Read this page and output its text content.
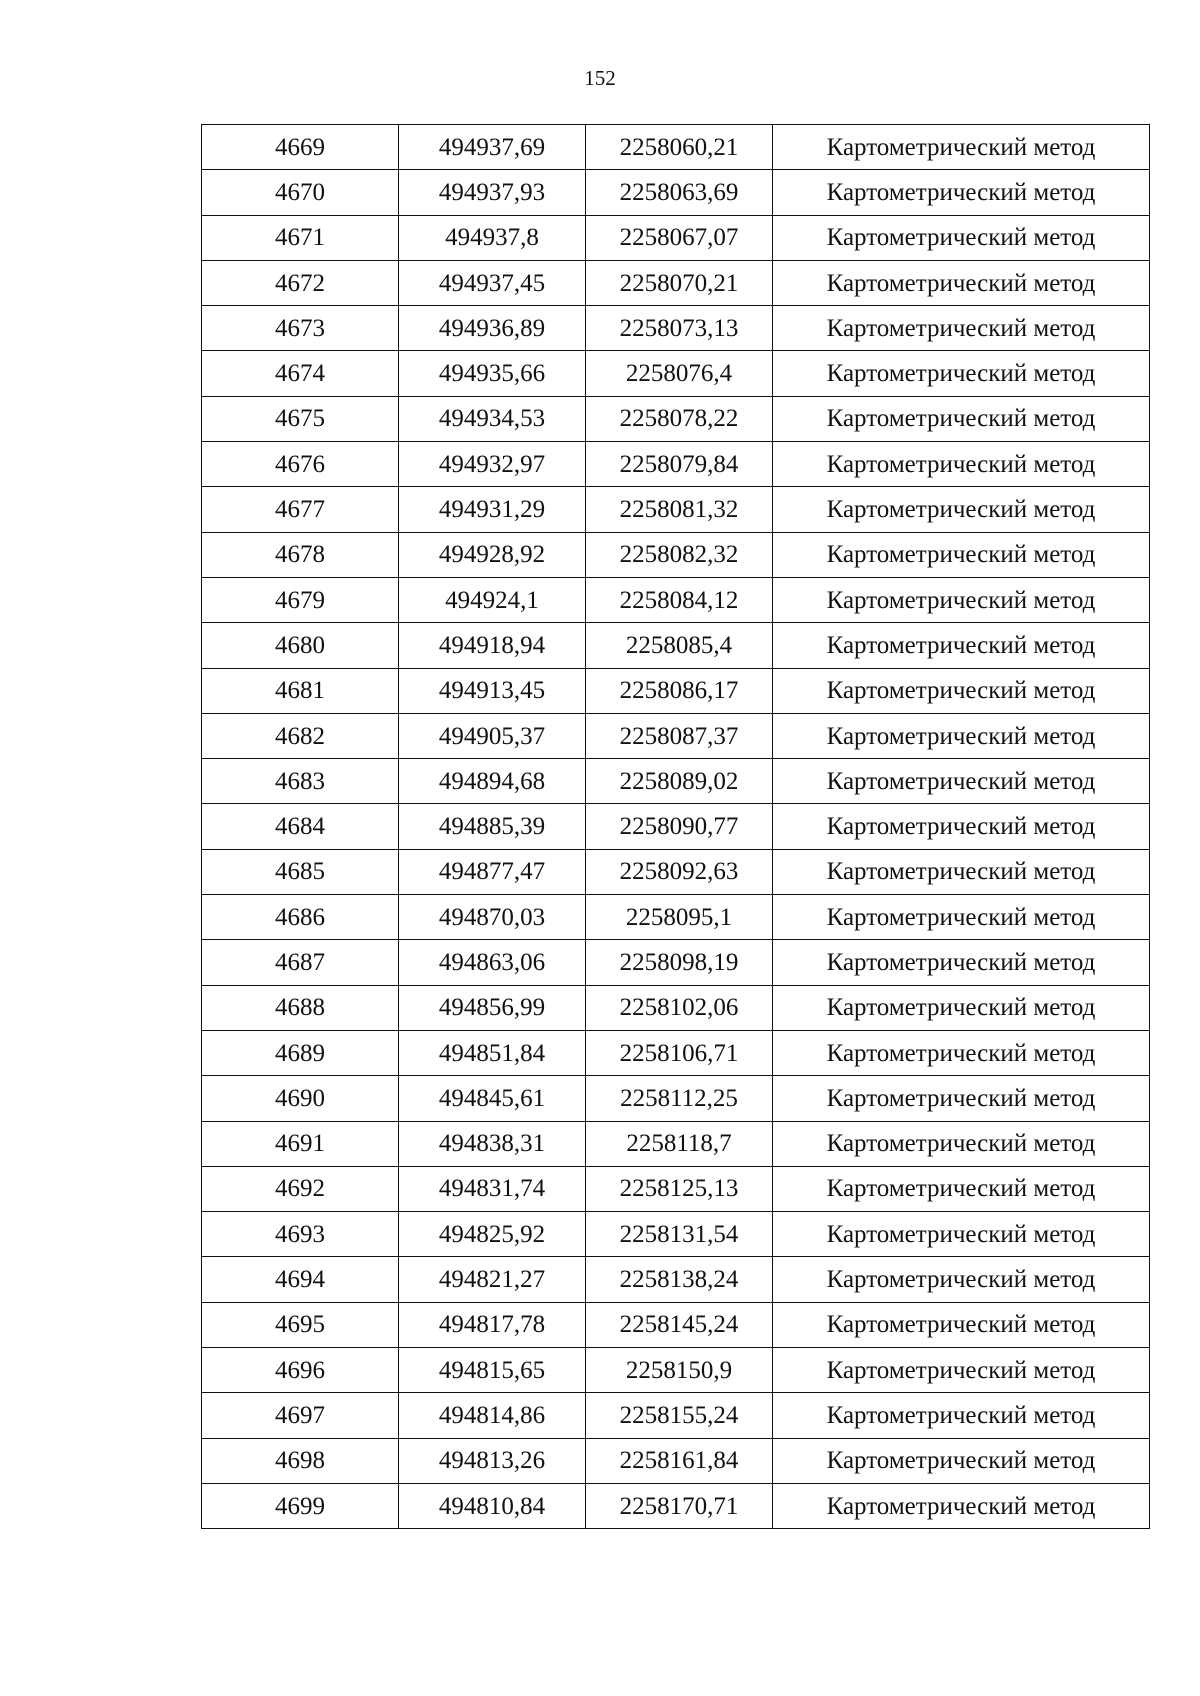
152
4669	494937,69	2258060,21	Картометрический метод
4670	494937,93	2258063,69	Картометрический метод
4671	494937,8	2258067,07	Картометрический метод
4672	494937,45	2258070,21	Картометрический метод
4673	494936,89	2258073,13	Картометрический метод
4674	494935,66	2258076,4	Картометрический метод
4675	494934,53	2258078,22	Картометрический метод
4676	494932,97	2258079,84	Картометрический метод
4677	494931,29	2258081,32	Картометрический метод
4678	494928,92	2258082,32	Картометрический метод
4679	494924,1	2258084,12	Картометрический метод
4680	494918,94	2258085,4	Картометрический метод
4681	494913,45	2258086,17	Картометрический метод
4682	494905,37	2258087,37	Картометрический метод
4683	494894,68	2258089,02	Картометрический метод
4684	494885,39	2258090,77	Картометрический метод
4685	494877,47	2258092,63	Картометрический метод
4686	494870,03	2258095,1	Картометрический метод
4687	494863,06	2258098,19	Картометрический метод
4688	494856,99	2258102,06	Картометрический метод
4689	494851,84	2258106,71	Картометрический метод
4690	494845,61	2258112,25	Картометрический метод
4691	494838,31	2258118,7	Картометрический метод
4692	494831,74	2258125,13	Картометрический метод
4693	494825,92	2258131,54	Картометрический метод
4694	494821,27	2258138,24	Картометрический метод
4695	494817,78	2258145,24	Картометрический метод
4696	494815,65	2258150,9	Картометрический метод
4697	494814,86	2258155,24	Картометрический метод
4698	494813,26	2258161,84	Картометрический метод
4699	494810,84	2258170,71	Картометрический метод
